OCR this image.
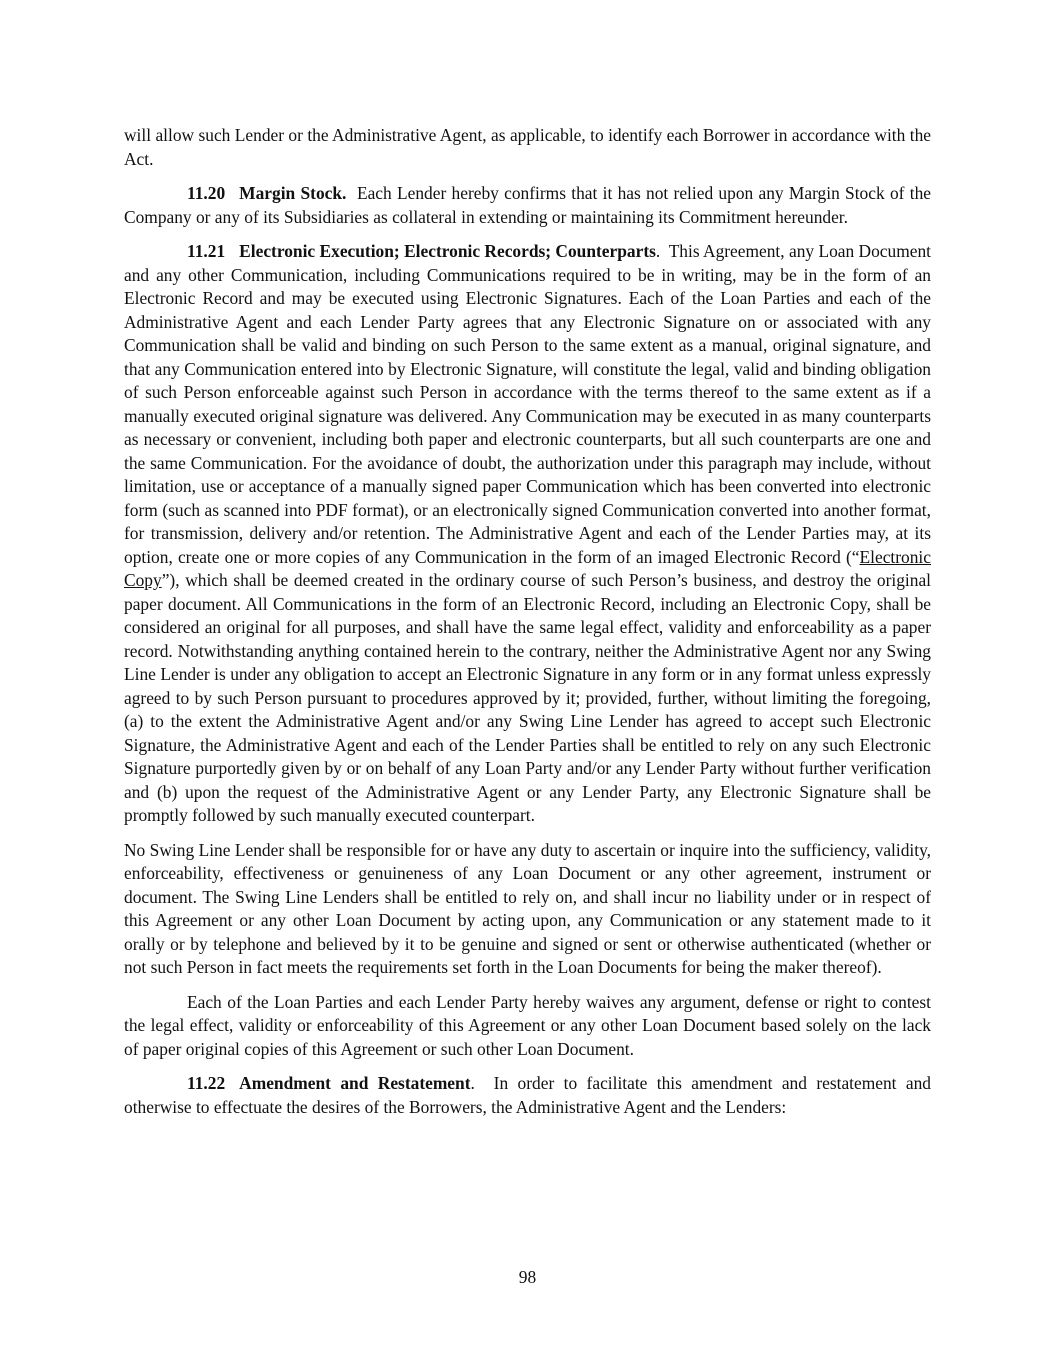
will allow such Lender or the Administrative Agent, as applicable, to identify each Borrower in accordance with the Act.

11.20 Margin Stock. Each Lender hereby confirms that it has not relied upon any Margin Stock of the Company or any of its Subsidiaries as collateral in extending or maintaining its Commitment hereunder.

11.21 Electronic Execution; Electronic Records; Counterparts. This Agreement, any Loan Document and any other Communication, including Communications required to be in writing, may be in the form of an Electronic Record and may be executed using Electronic Signatures. Each of the Loan Parties and each of the Administrative Agent and each Lender Party agrees that any Electronic Signature on or associated with any Communication shall be valid and binding on such Person to the same extent as a manual, original signature, and that any Communication entered into by Electronic Signature, will constitute the legal, valid and binding obligation of such Person enforceable against such Person in accordance with the terms thereof to the same extent as if a manually executed original signature was delivered. Any Communication may be executed in as many counterparts as necessary or convenient, including both paper and electronic counterparts, but all such counterparts are one and the same Communication. For the avoidance of doubt, the authorization under this paragraph may include, without limitation, use or acceptance of a manually signed paper Communication which has been converted into electronic form (such as scanned into PDF format), or an electronically signed Communication converted into another format, for transmission, delivery and/or retention. The Administrative Agent and each of the Lender Parties may, at its option, create one or more copies of any Communication in the form of an imaged Electronic Record (“Electronic Copy”), which shall be deemed created in the ordinary course of such Person’s business, and destroy the original paper document. All Communications in the form of an Electronic Record, including an Electronic Copy, shall be considered an original for all purposes, and shall have the same legal effect, validity and enforceability as a paper record. Notwithstanding anything contained herein to the contrary, neither the Administrative Agent nor any Swing Line Lender is under any obligation to accept an Electronic Signature in any form or in any format unless expressly agreed to by such Person pursuant to procedures approved by it; provided, further, without limiting the foregoing, (a) to the extent the Administrative Agent and/or any Swing Line Lender has agreed to accept such Electronic Signature, the Administrative Agent and each of the Lender Parties shall be entitled to rely on any such Electronic Signature purportedly given by or on behalf of any Loan Party and/or any Lender Party without further verification and (b) upon the request of the Administrative Agent or any Lender Party, any Electronic Signature shall be promptly followed by such manually executed counterpart.

No Swing Line Lender shall be responsible for or have any duty to ascertain or inquire into the sufficiency, validity, enforceability, effectiveness or genuineness of any Loan Document or any other agreement, instrument or document. The Swing Line Lenders shall be entitled to rely on, and shall incur no liability under or in respect of this Agreement or any other Loan Document by acting upon, any Communication or any statement made to it orally or by telephone and believed by it to be genuine and signed or sent or otherwise authenticated (whether or not such Person in fact meets the requirements set forth in the Loan Documents for being the maker thereof).

Each of the Loan Parties and each Lender Party hereby waives any argument, defense or right to contest the legal effect, validity or enforceability of this Agreement or any other Loan Document based solely on the lack of paper original copies of this Agreement or such other Loan Document.

11.22 Amendment and Restatement. In order to facilitate this amendment and restatement and otherwise to effectuate the desires of the Borrowers, the Administrative Agent and the Lenders:

98
